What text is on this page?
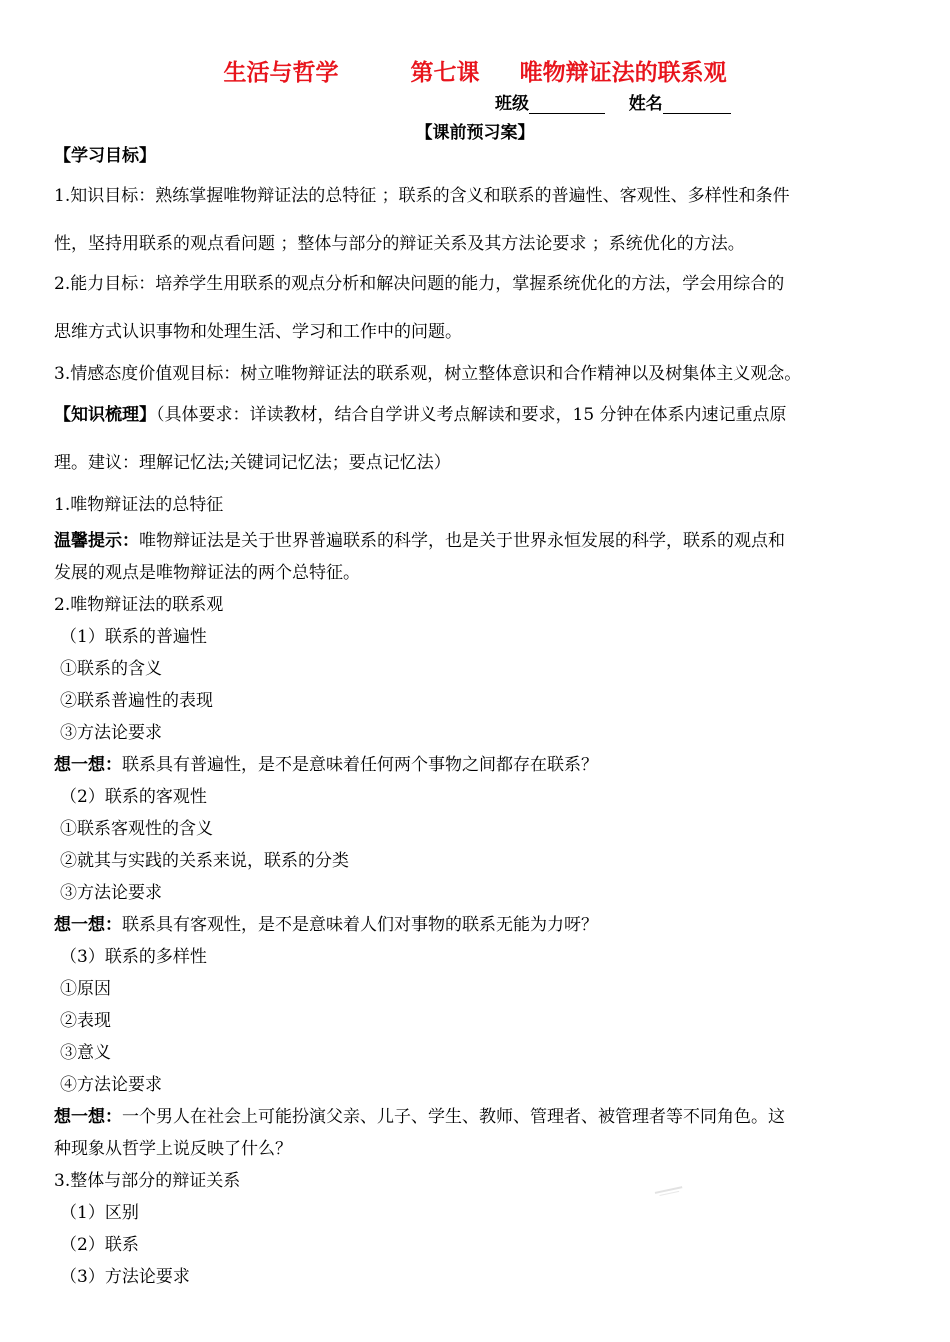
生活与哲学	第七课 唯物辩证法的联系观
班级	姓名
【课前预习案】
【学习目标】
1.知识目标：熟练掌握唯物辩证法的总特征 ；联系的含义和联系的普遍性、客观性、多样性和条件
性，坚持用联系的观点看问题 ；整体与部分的辩证关系及其方法论要求 ；系统优化的方法。
2.能力目标：培养学生用联系的观点分析和解决问题的能力，掌握系统优化的方法，学会用综合的
思维方式认识事物和处理生活、学习和工作中的问题。
3.情感态度价值观目标：树立唯物辩证法的联系观，树立整体意识和合作精神以及树集体主义观念。
【知识梳理】（具体要求：详读教材，结合自学讲义考点解读和要求，15 分钟在体系内速记重点原
理。建议：理解记忆法;关键词记忆法；要点记忆法）
1.唯物辩证法的总特征
温馨提示：唯物辩证法是关于世界普遍联系的科学，也是关于世界永恒发展的科学，联系的观点和
发展的观点是唯物辩证法的两个总特征。
2.唯物辩证法的联系观
（1）联系的普遍性
①联系的含义
②联系普遍性的表现
③方法论要求
想一想：联系具有普遍性，是不是意味着任何两个事物之间都存在联系？
（2）联系的客观性
①联系客观性的含义
②就其与实践的关系来说，联系的分类
③方法论要求
想一想：联系具有客观性，是不是意味着人们对事物的联系无能为力呀？
（3）联系的多样性
①原因
②表现
③意义
④方法论要求
想一想：一个男人在社会上可能扮演父亲、儿子、学生、教师、管理者、被管理者等不同角色。这
种现象从哲学上说反映了什么？
3.整体与部分的辩证关系
（1）区别
（2）联系
（3）方法论要求
